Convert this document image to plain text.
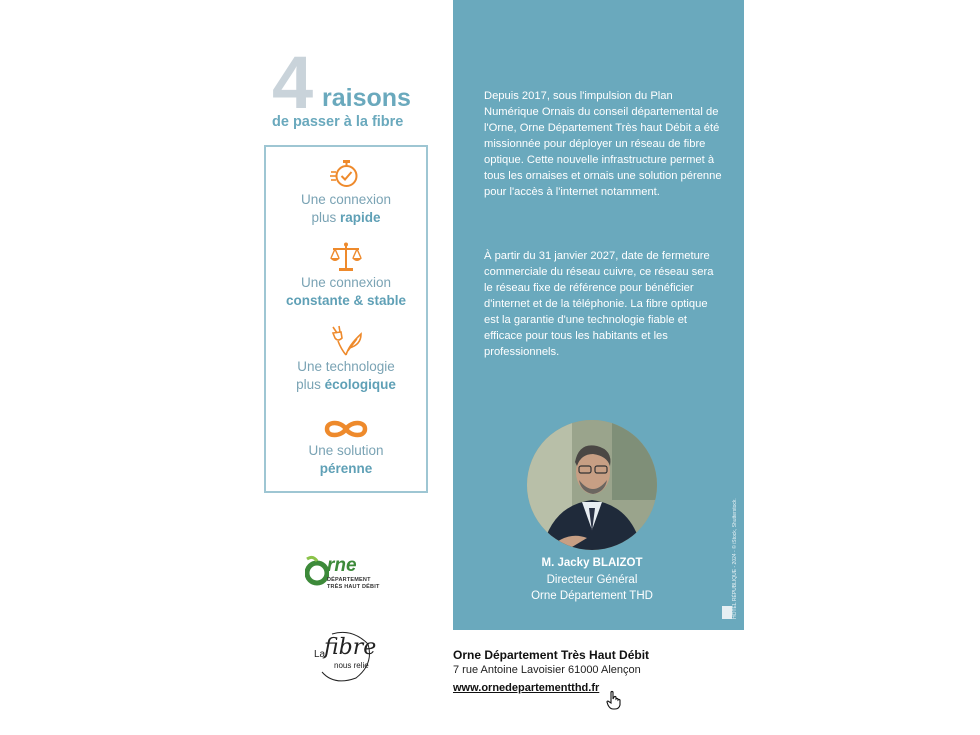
4 raisons
de passer à la fibre
Une connexion
plus rapide
Une connexion
constante & stable
Une technologie
plus écologique
Une solution
pérenne
rne
DÉPARTEMENT
TRÈS HAUT DÉBIT
La
fibre
nous relie

Depuis 2017, sous l'impulsion du Plan Numérique Ornais du conseil départemental de l'Orne, Orne Département Très haut Débit a été missionnée pour déployer un réseau de fibre optique. Cette nouvelle infrastructure permet à tous les ornaises et ornais une solution pérenne pour l'accès à l'internet notamment.

À partir du 31 janvier 2027, date de fermeture commerciale du réseau cuivre, ce réseau sera le réseau fixe de référence pour bénéficier d'internet et de la téléphonie. La fibre optique est la garantie d'une technologie fiable et efficace pour tous les habitants et les professionnels.

M. Jacky BLAIZOT
Directeur Général
Orne Département THD	HÔTEL RÉPUBLIQUE - 2024 - © iStock, Shutterstock.
Orne Département Très Haut Débit
7 rue Antoine Lavoisier 61000 Alençon
www.ornedepartementthd.fr
